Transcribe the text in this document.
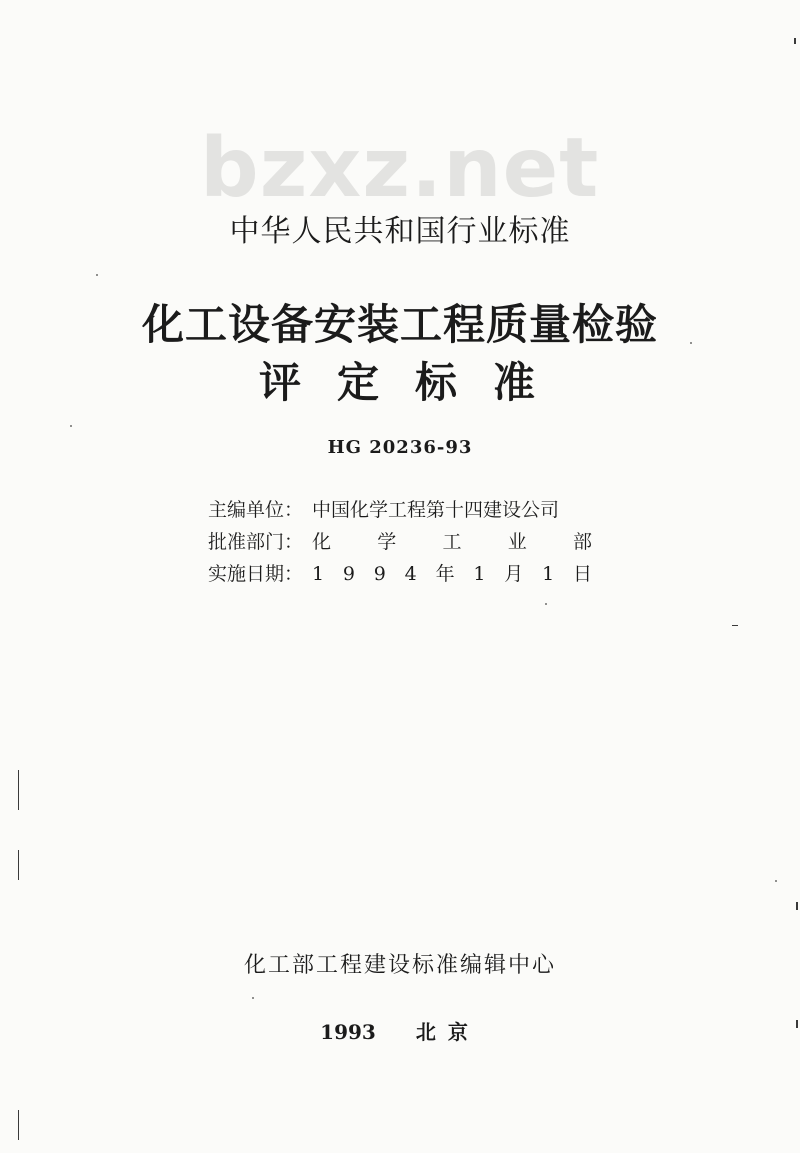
bzxz.net
中华人民共和国行业标准
化工设备安装工程质量检验
评定标准
HG 20236-93
主编单位： 中国化学工程第十四建设公司
批准部门： 化 学 工 业 部
实施日期： 1 9 9 4 年 1 月 1 日
化工部工程建设标准编辑中心
1993 北京
